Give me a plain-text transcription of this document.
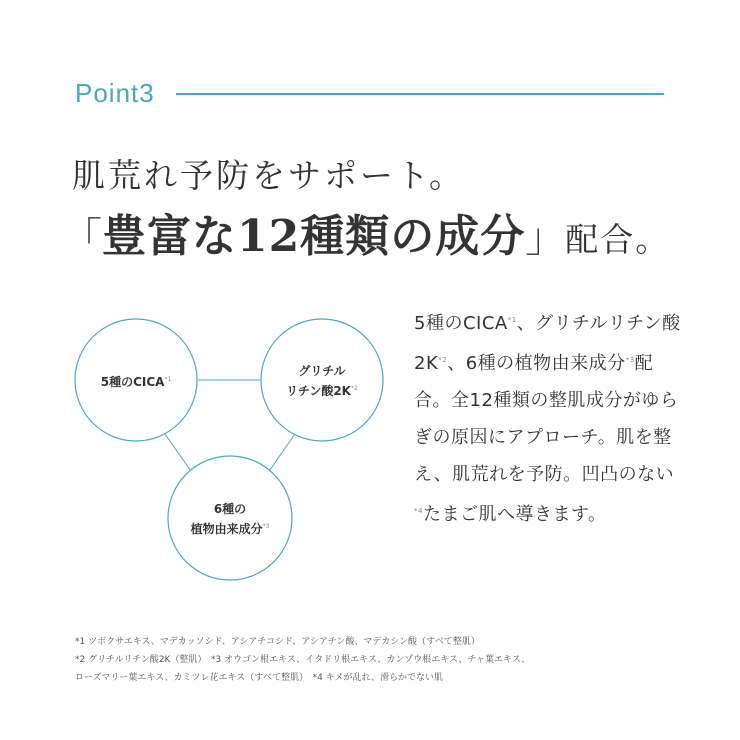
Point3
肌荒れ予防をサポート。
「豊富な12種類の成分」配合。
5種のCICA$^{*1}$
グリチル
リチン酸$2K^{*2}$
6種の
植物由来成分$^{*3}$
5種のCICA$^{*1}$、グリチルリチン酸$2K^{*2}$、6種の植物由来成分$^{*3}$配合。全12種類の整肌成分がゆらぎの原因にアプローチ。肌を整え、肌荒れを予防。凹凸のない$^{*4}$たまご肌へ導きます。
*1 ツボクサエキス、マデカッソシド、アシアチコシド、アシアチン酸、マデカシン酸（すべて整肌）
*2 グリチルリチン酸2K（整肌）　*3 オウゴン根エキス、イタドリ根エキス、カンゾウ根エキス、チャ葉エキス、
ローズマリー葉エキス、カミツレ花エキス（すべて整肌）　*4 キメが乱れ、滑らかでない肌
